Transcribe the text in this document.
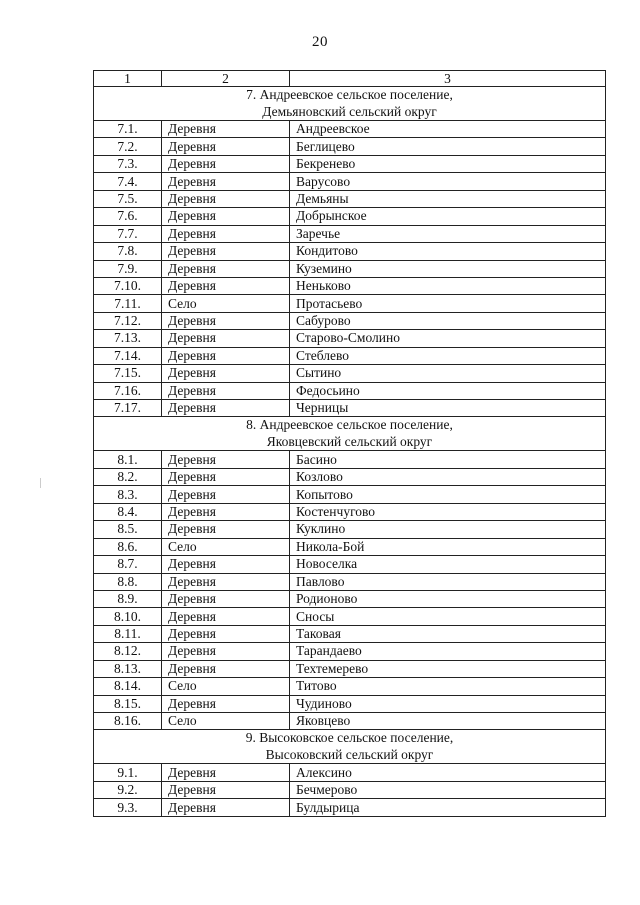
20
1	2	3

7. Андреевское сельское поселение,
Демьяновский сельский округ		

7.1.	Деревня	Андреевское
7.2.	Деревня	Беглицево
7.3.	Деревня	Бекренево
7.4.	Деревня	Варусово
7.5.	Деревня	Демьяны
7.6.	Деревня	Добрынское
7.7.	Деревня	Заречье
7.8.	Деревня	Кондитово
7.9.	Деревня	Куземино
7.10.	Деревня	Неньково
7.11.	Село	Протасьево
7.12.	Деревня	Сабурово
7.13.	Деревня	Старово-Смолино
7.14.	Деревня	Стеблево
7.15.	Деревня	Сытино
7.16.	Деревня	Федосьино
7.17.	Деревня	Черницы

8. Андреевское сельское поселение,
Яковцевский сельский округ		

8.1.	Деревня	Басино
8.2.	Деревня	Козлово
8.3.	Деревня	Копытово
8.4.	Деревня	Костенчугово
8.5.	Деревня	Куклино
8.6.	Село	Никола-Бой
8.7.	Деревня	Новоселка
8.8.	Деревня	Павлово
8.9.	Деревня	Родионово
8.10.	Деревня	Сносы
8.11.	Деревня	Таковая
8.12.	Деревня	Тарандаево
8.13.	Деревня	Техтемерево
8.14.	Село	Титово
8.15.	Деревня	Чудиново
8.16.	Село	Яковцево

9. Высоковское сельское поселение,
Высоковский сельский округ		

9.1.	Деревня	Алексино
9.2.	Деревня	Бечмерово
9.3.	Деревня	Булдырица
